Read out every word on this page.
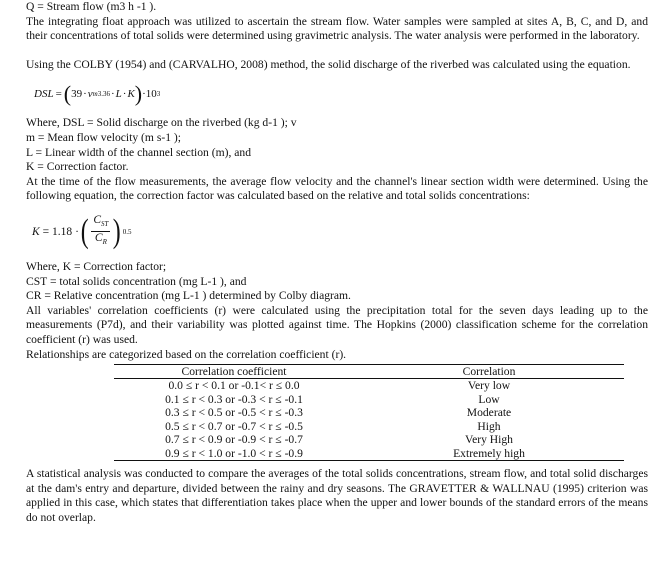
Q = Stream flow (m3 h -1 ).

The integrating float approach was utilized to ascertain the stream flow. Water samples were sampled at sites A, B, C, and D, and their concentrations of total solids were determined using gravimetric analysis. The water analysis were performed in the laboratory.

Using the COLBY (1954) and (CARVALHO, 2008) method, the solid discharge of the riverbed was calculated using the equation.

DSL = ( 39 · v m 3.36 · L · K ) · 10 3

Where, DSL = Solid discharge on the riverbed (kg d-1 ); v

m = Mean flow velocity (m s-1 );

L = Linear width of the channel section (m), and

K = Correction factor.

At the time of the flow measurements, the average flow velocity and the channel's linear section width were determined. Using the following equation, the correction factor was calculated based on the relative and total solids concentrations:

K = 1.18 · ( $\frac{C_{ST}}{C_R}$ ) 0.5

Where, K = Correction factor;

CST = total solids concentration (mg L-1 ), and

CR = Relative concentration (mg L-1 ) determined by Colby diagram.

All variables' correlation coefficients (r) were calculated using the precipitation total for the seven days leading up to the measurements (P7d), and their variability was plotted against time. The Hopkins (2000) classification scheme for the correlation coefficient (r) was used.

Relationships are categorized based on the correlation coefficient (r).

Correlation coefficient	Correlation
0.0 ≤ r < 0.1 or -0.1< r ≤ 0.0	Very low
0.1 ≤ r < 0.3 or -0.3 < r ≤ -0.1	Low
0.3 ≤ r < 0.5 or -0.5 < r ≤ -0.3	Moderate
0.5 ≤ r < 0.7 or -0.7 < r ≤ -0.5	High
0.7 ≤ r < 0.9 or -0.9 < r ≤ -0.7	Very High
0.9 ≤ r < 1.0 or -1.0 < r ≤ -0.9	Extremely high

A statistical analysis was conducted to compare the averages of the total solids concentrations, stream flow, and total solid discharges at the dam's entry and departure, divided between the rainy and dry seasons. The GRAVETTER & WALLNAU (1995) criterion was applied in this case, which states that differentiation takes place when the upper and lower bounds of the standard errors of the means do not overlap.
